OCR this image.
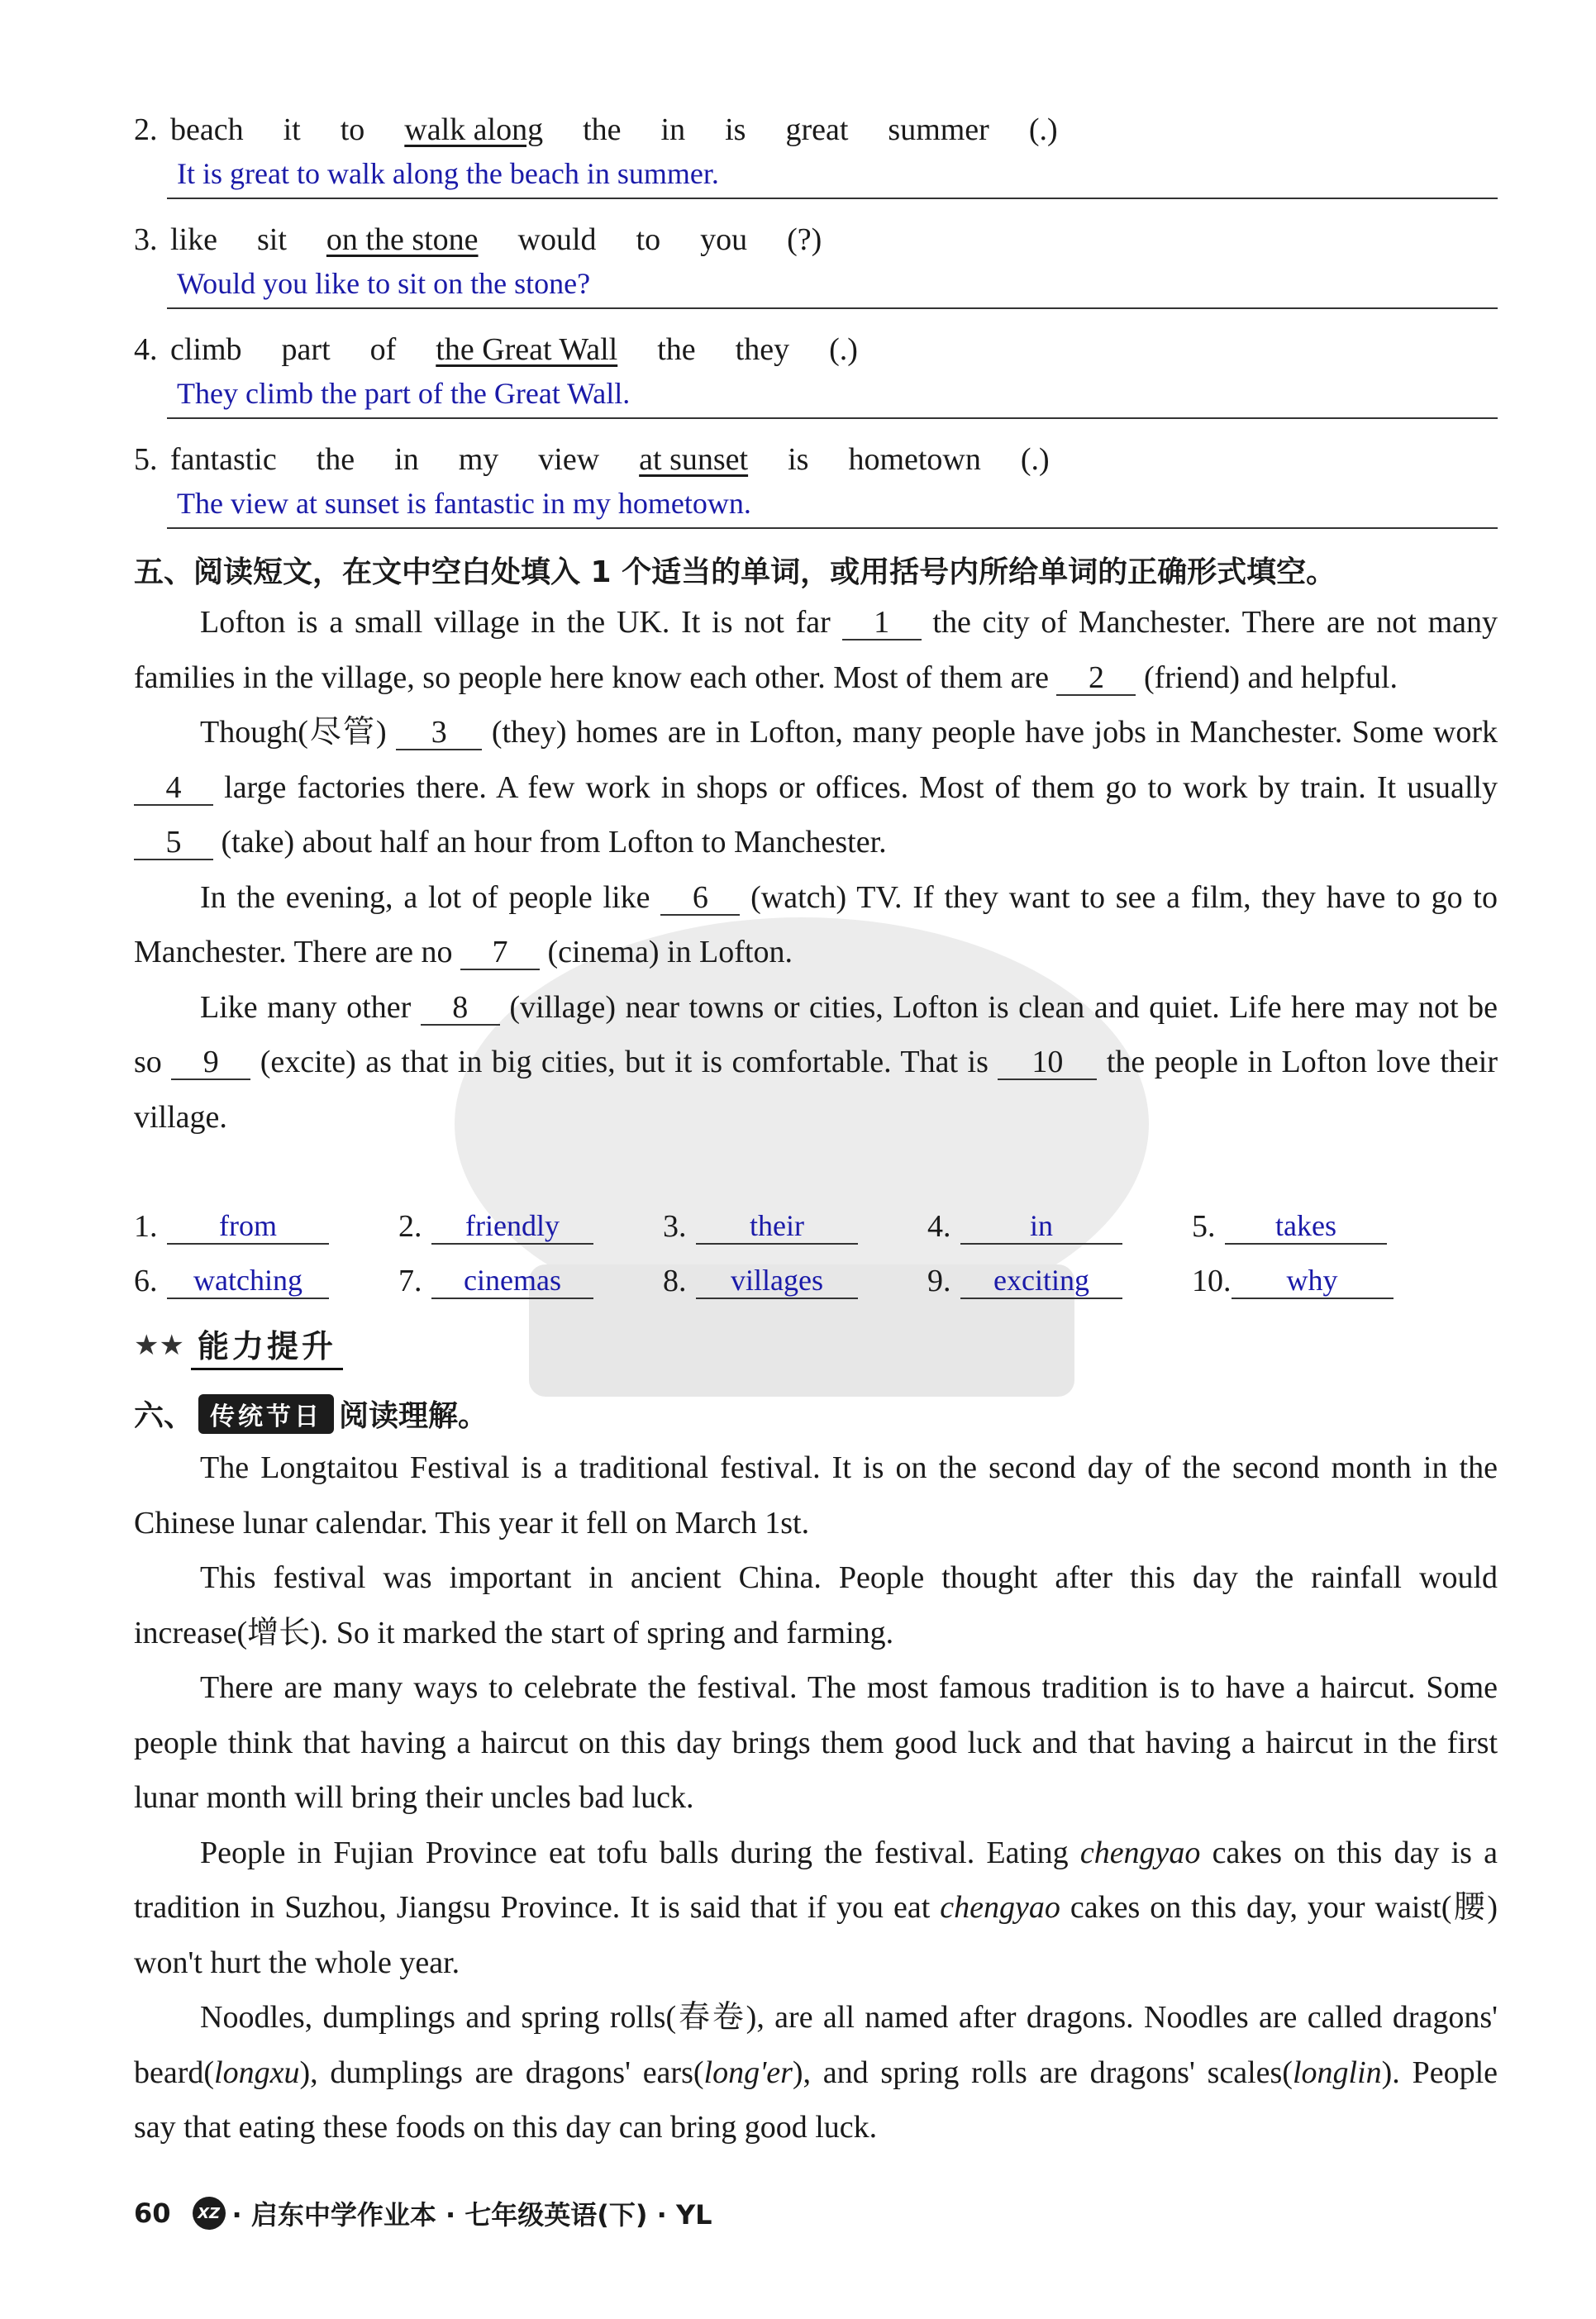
2. beach it to walk along the in is great summer (.)
It is great to walk along the beach in summer.
3. like sit on the stone would to you (?)
Would you like to sit on the stone?
4. climb part of the Great Wall the they (.)
They climb the part of the Great Wall.
5. fantastic the in my view at sunset is hometown (.)
The view at sunset is fantastic in my hometown.
五、阅读短文，在文中空白处填入 1 个适当的单词，或用括号内所给单词的正确形式填空。

Lofton is a small village in the UK. It is not far 1 the city of Manchester. There are not many families in the village, so people here know each other. Most of them are 2 (friend) and helpful.

Though(尽管) 3 (they) homes are in Lofton, many people have jobs in Manchester. Some work 4 large factories there. A few work in shops or offices. Most of them go to work by train. It usually 5 (take) about half an hour from Lofton to Manchester.

In the evening, a lot of people like 6 (watch) TV. If they want to see a film, they have to go to Manchester. There are no 7 (cinema) in Lofton.

Like many other 8 (village) near towns or cities, Lofton is clean and quiet. Life here may not be so 9 (excite) as that in big cities, but it is comfortable. That is 10 the people in Lofton love their village.

1.	from	2.	friendly	3.	their	4.	in	5.	takes
6.	watching	7.	cinemas	8.	villages	9.	exciting	10.	why
★★ 能力提升
六、 传统节日 阅读理解。

The Longtaitou Festival is a traditional festival. It is on the second day of the second month in the Chinese lunar calendar. This year it fell on March 1st.

This festival was important in ancient China. People thought after this day the rainfall would increase(增长). So it marked the start of spring and farming.

There are many ways to celebrate the festival. The most famous tradition is to have a haircut. Some people think that having a haircut on this day brings them good luck and that having a haircut in the first lunar month will bring their uncles bad luck.

People in Fujian Province eat tofu balls during the festival. Eating chengyao cakes on this day is a tradition in Suzhou, Jiangsu Province. It is said that if you eat chengyao cakes on this day, your waist(腰) won't hurt the whole year.

Noodles, dumplings and spring rolls(春卷), are all named after dragons. Noodles are called dragons' beard(longxu), dumplings are dragons' ears(long'er), and spring rolls are dragons' scales(longlin). People say that eating these foods on this day can bring good luck.

60	XZ · 启东中学作业本 · 七年级英语(下) · YL
